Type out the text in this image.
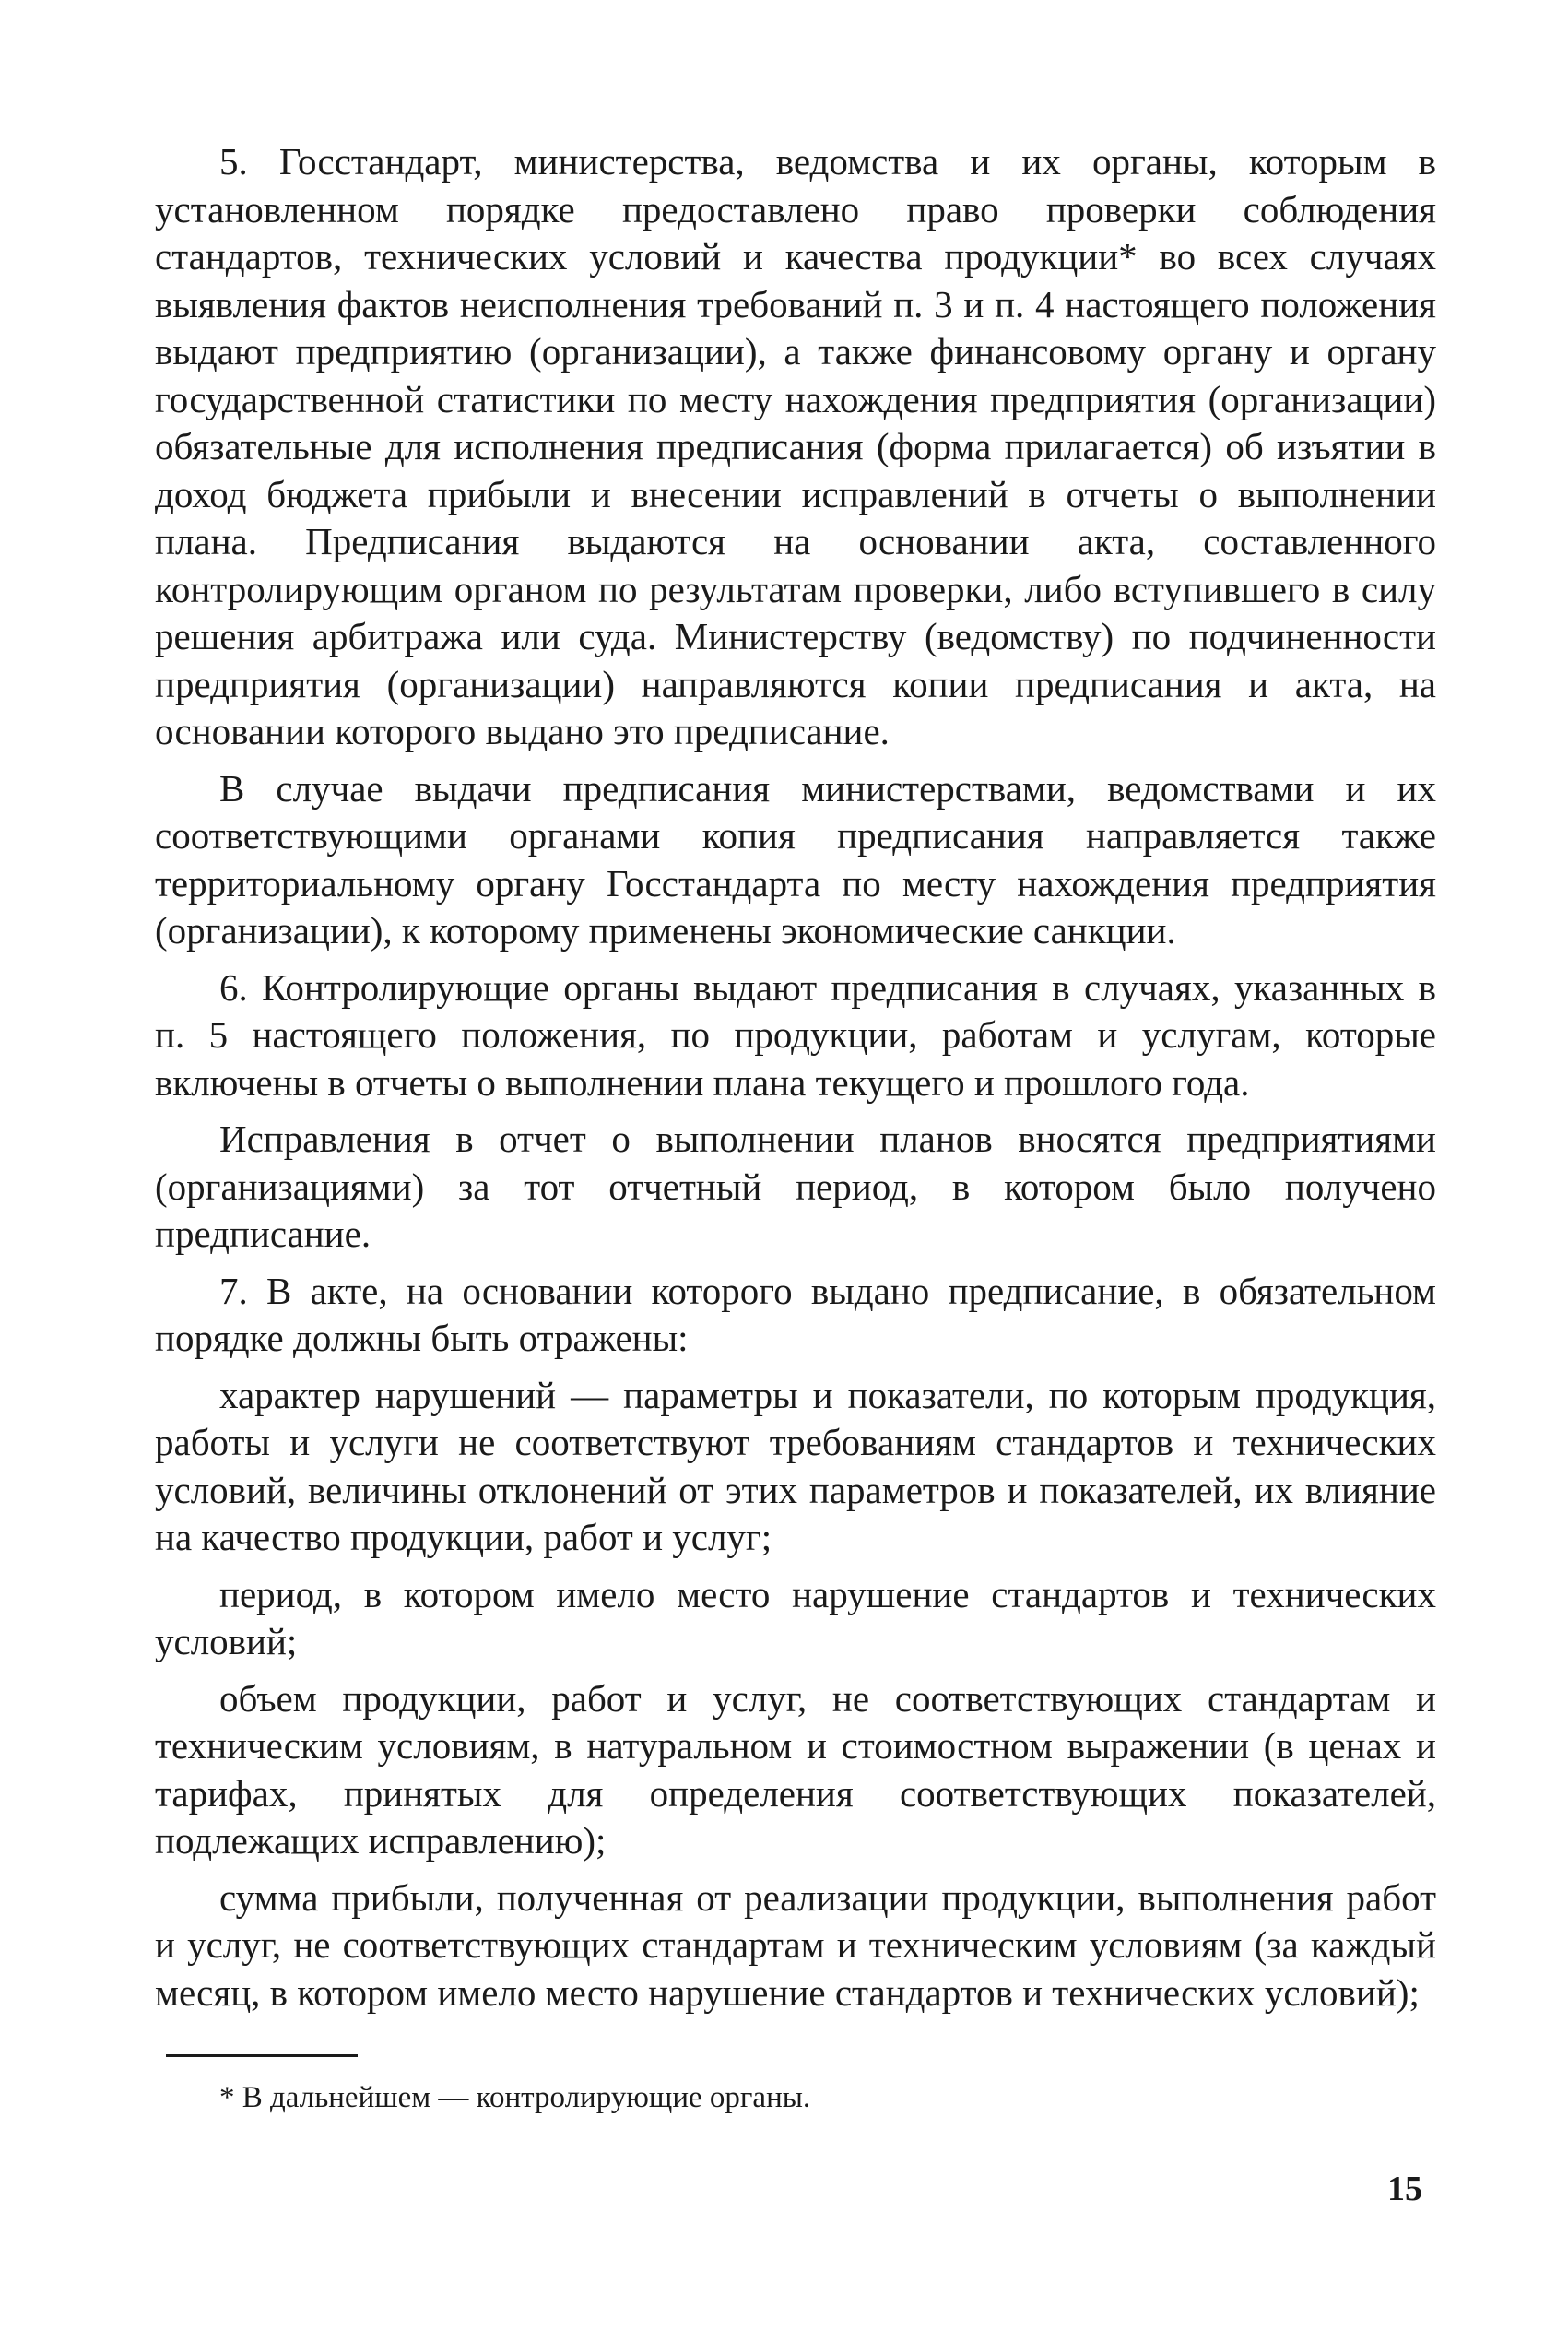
5. Госстандарт, министерства, ведомства и их органы, которым в установленном порядке предоставлено право проверки соблюдения стандартов, технических условий и качества продукции* во всех случаях выявления фактов неисполнения требований п. 3 и п. 4 настоящего положения выдают предприятию (организации), а также финансовому органу и органу государственной статистики по месту нахождения предприятия (организации) обязательные для исполнения предписания (форма прилагается) об изъятии в доход бюджета прибыли и внесении исправлений в отчеты о выполнении плана. Предписания выдаются на основании акта, составленного контролирующим органом по результатам проверки, либо вступившего в силу решения арбитража или суда. Министерству (ведомству) по подчиненности предприятия (организации) направляются копии предписания и акта, на основании которого выдано это предписание.

В случае выдачи предписания министерствами, ведомствами и их соответствующими органами копия предписания направляется также территориальному органу Госстандарта по месту нахождения предприятия (организации), к которому применены экономические санкции.

6. Контролирующие органы выдают предписания в случаях, указанных в п. 5 настоящего положения, по продукции, работам и услугам, которые включены в отчеты о выполнении плана текущего и прошлого года.

Исправления в отчет о выполнении планов вносятся предприятиями (организациями) за тот отчетный период, в котором было получено предписание.

7. В акте, на основании которого выдано предписание, в обязательном порядке должны быть отражены:

характер нарушений — параметры и показатели, по которым продукция, работы и услуги не соответствуют требованиям стандартов и технических условий, величины отклонений от этих параметров и показателей, их влияние на качество продукции, работ и услуг;

период, в котором имело место нарушение стандартов и технических условий;

объем продукции, работ и услуг, не соответствующих стандартам и техническим условиям, в натуральном и стоимостном выражении (в ценах и тарифах, принятых для определения соответствующих показателей, подлежащих исправлению);

сумма прибыли, полученная от реализации продукции, выполнения работ и услуг, не соответствующих стандартам и техническим условиям (за каждый месяц, в котором имело место нарушение стандартов и технических условий);

* В дальнейшем — контролирующие органы.

15
